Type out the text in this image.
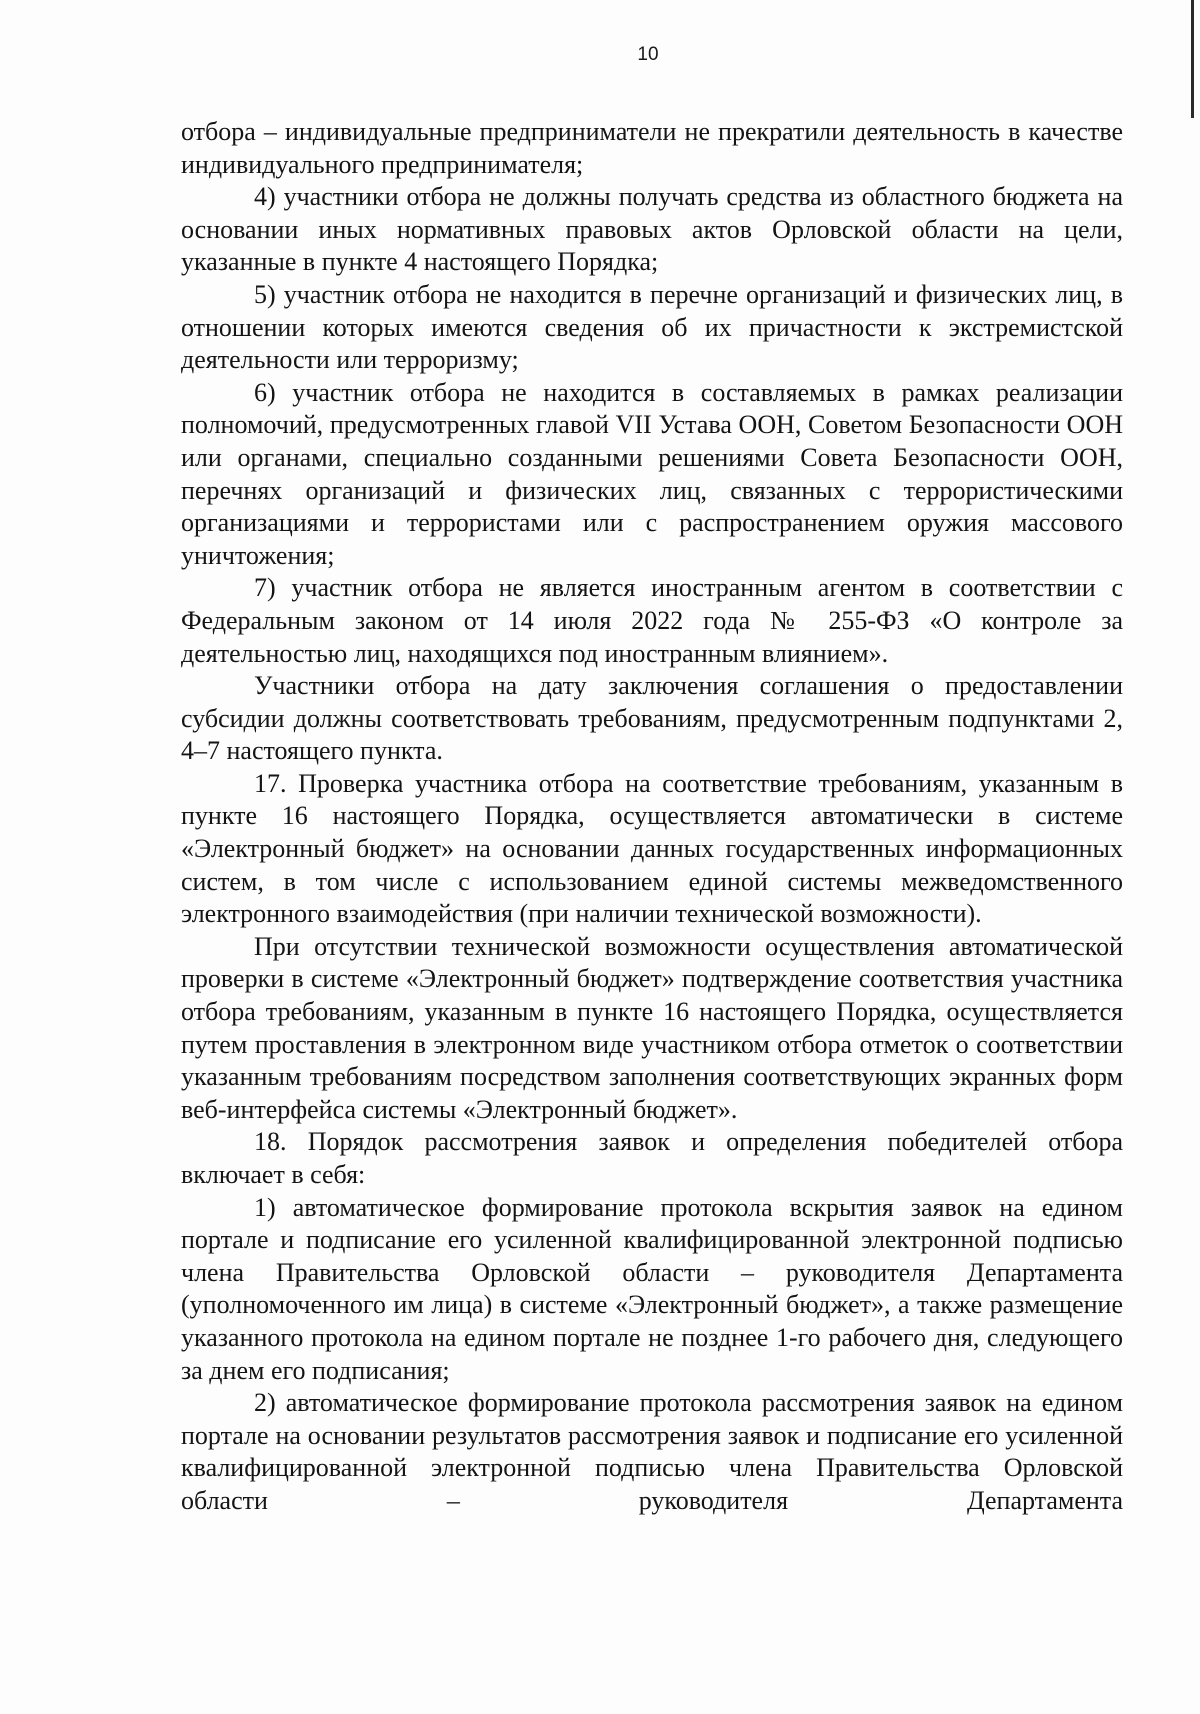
10

отбора – индивидуальные предприниматели не прекратили деятельность в качестве индивидуального предпринимателя;

4) участники отбора не должны получать средства из областного бюджета на основании иных нормативных правовых актов Орловской области на цели, указанные в пункте 4 настоящего Порядка;

5) участник отбора не находится в перечне организаций и физических лиц, в отношении которых имеются сведения об их причастности к экстремистской деятельности или терроризму;

6) участник отбора не находится в составляемых в рамках реализации полномочий, предусмотренных главой VII Устава ООН, Советом Безопасности ООН или органами, специально созданными решениями Совета Безопасности ООН, перечнях организаций и физических лиц, связанных с террористическими организациями и террористами или с распространением оружия массового уничтожения;

7) участник отбора не является иностранным агентом в соответствии с Федеральным законом от 14 июля 2022 года № 255-ФЗ «О контроле за деятельностью лиц, находящихся под иностранным влиянием».

Участники отбора на дату заключения соглашения о предоставлении субсидии должны соответствовать требованиям, предусмотренным подпунктами 2, 4–7 настоящего пункта.

17. Проверка участника отбора на соответствие требованиям, указанным в пункте 16 настоящего Порядка, осуществляется автоматически в системе «Электронный бюджет» на основании данных государственных информационных систем, в том числе с использованием единой системы межведомственного электронного взаимодействия (при наличии технической возможности).

При отсутствии технической возможности осуществления автоматической проверки в системе «Электронный бюджет» подтверждение соответствия участника отбора требованиям, указанным в пункте 16 настоящего Порядка, осуществляется путем проставления в электронном виде участником отбора отметок о соответствии указанным требованиям посредством заполнения соответствующих экранных форм веб-интерфейса системы «Электронный бюджет».

18. Порядок рассмотрения заявок и определения победителей отбора включает в себя:

1) автоматическое формирование протокола вскрытия заявок на едином портале и подписание его усиленной квалифицированной электронной подписью члена Правительства Орловской области – руководителя Департамента (уполномоченного им лица) в системе «Электронный бюджет», а также размещение указанного протокола на едином портале не позднее 1-го рабочего дня, следующего за днем его подписания;

2) автоматическое формирование протокола рассмотрения заявок на едином портале на основании результатов рассмотрения заявок и подписание его усиленной квалифицированной электронной подписью члена Правительства Орловской области – руководителя Департамента
